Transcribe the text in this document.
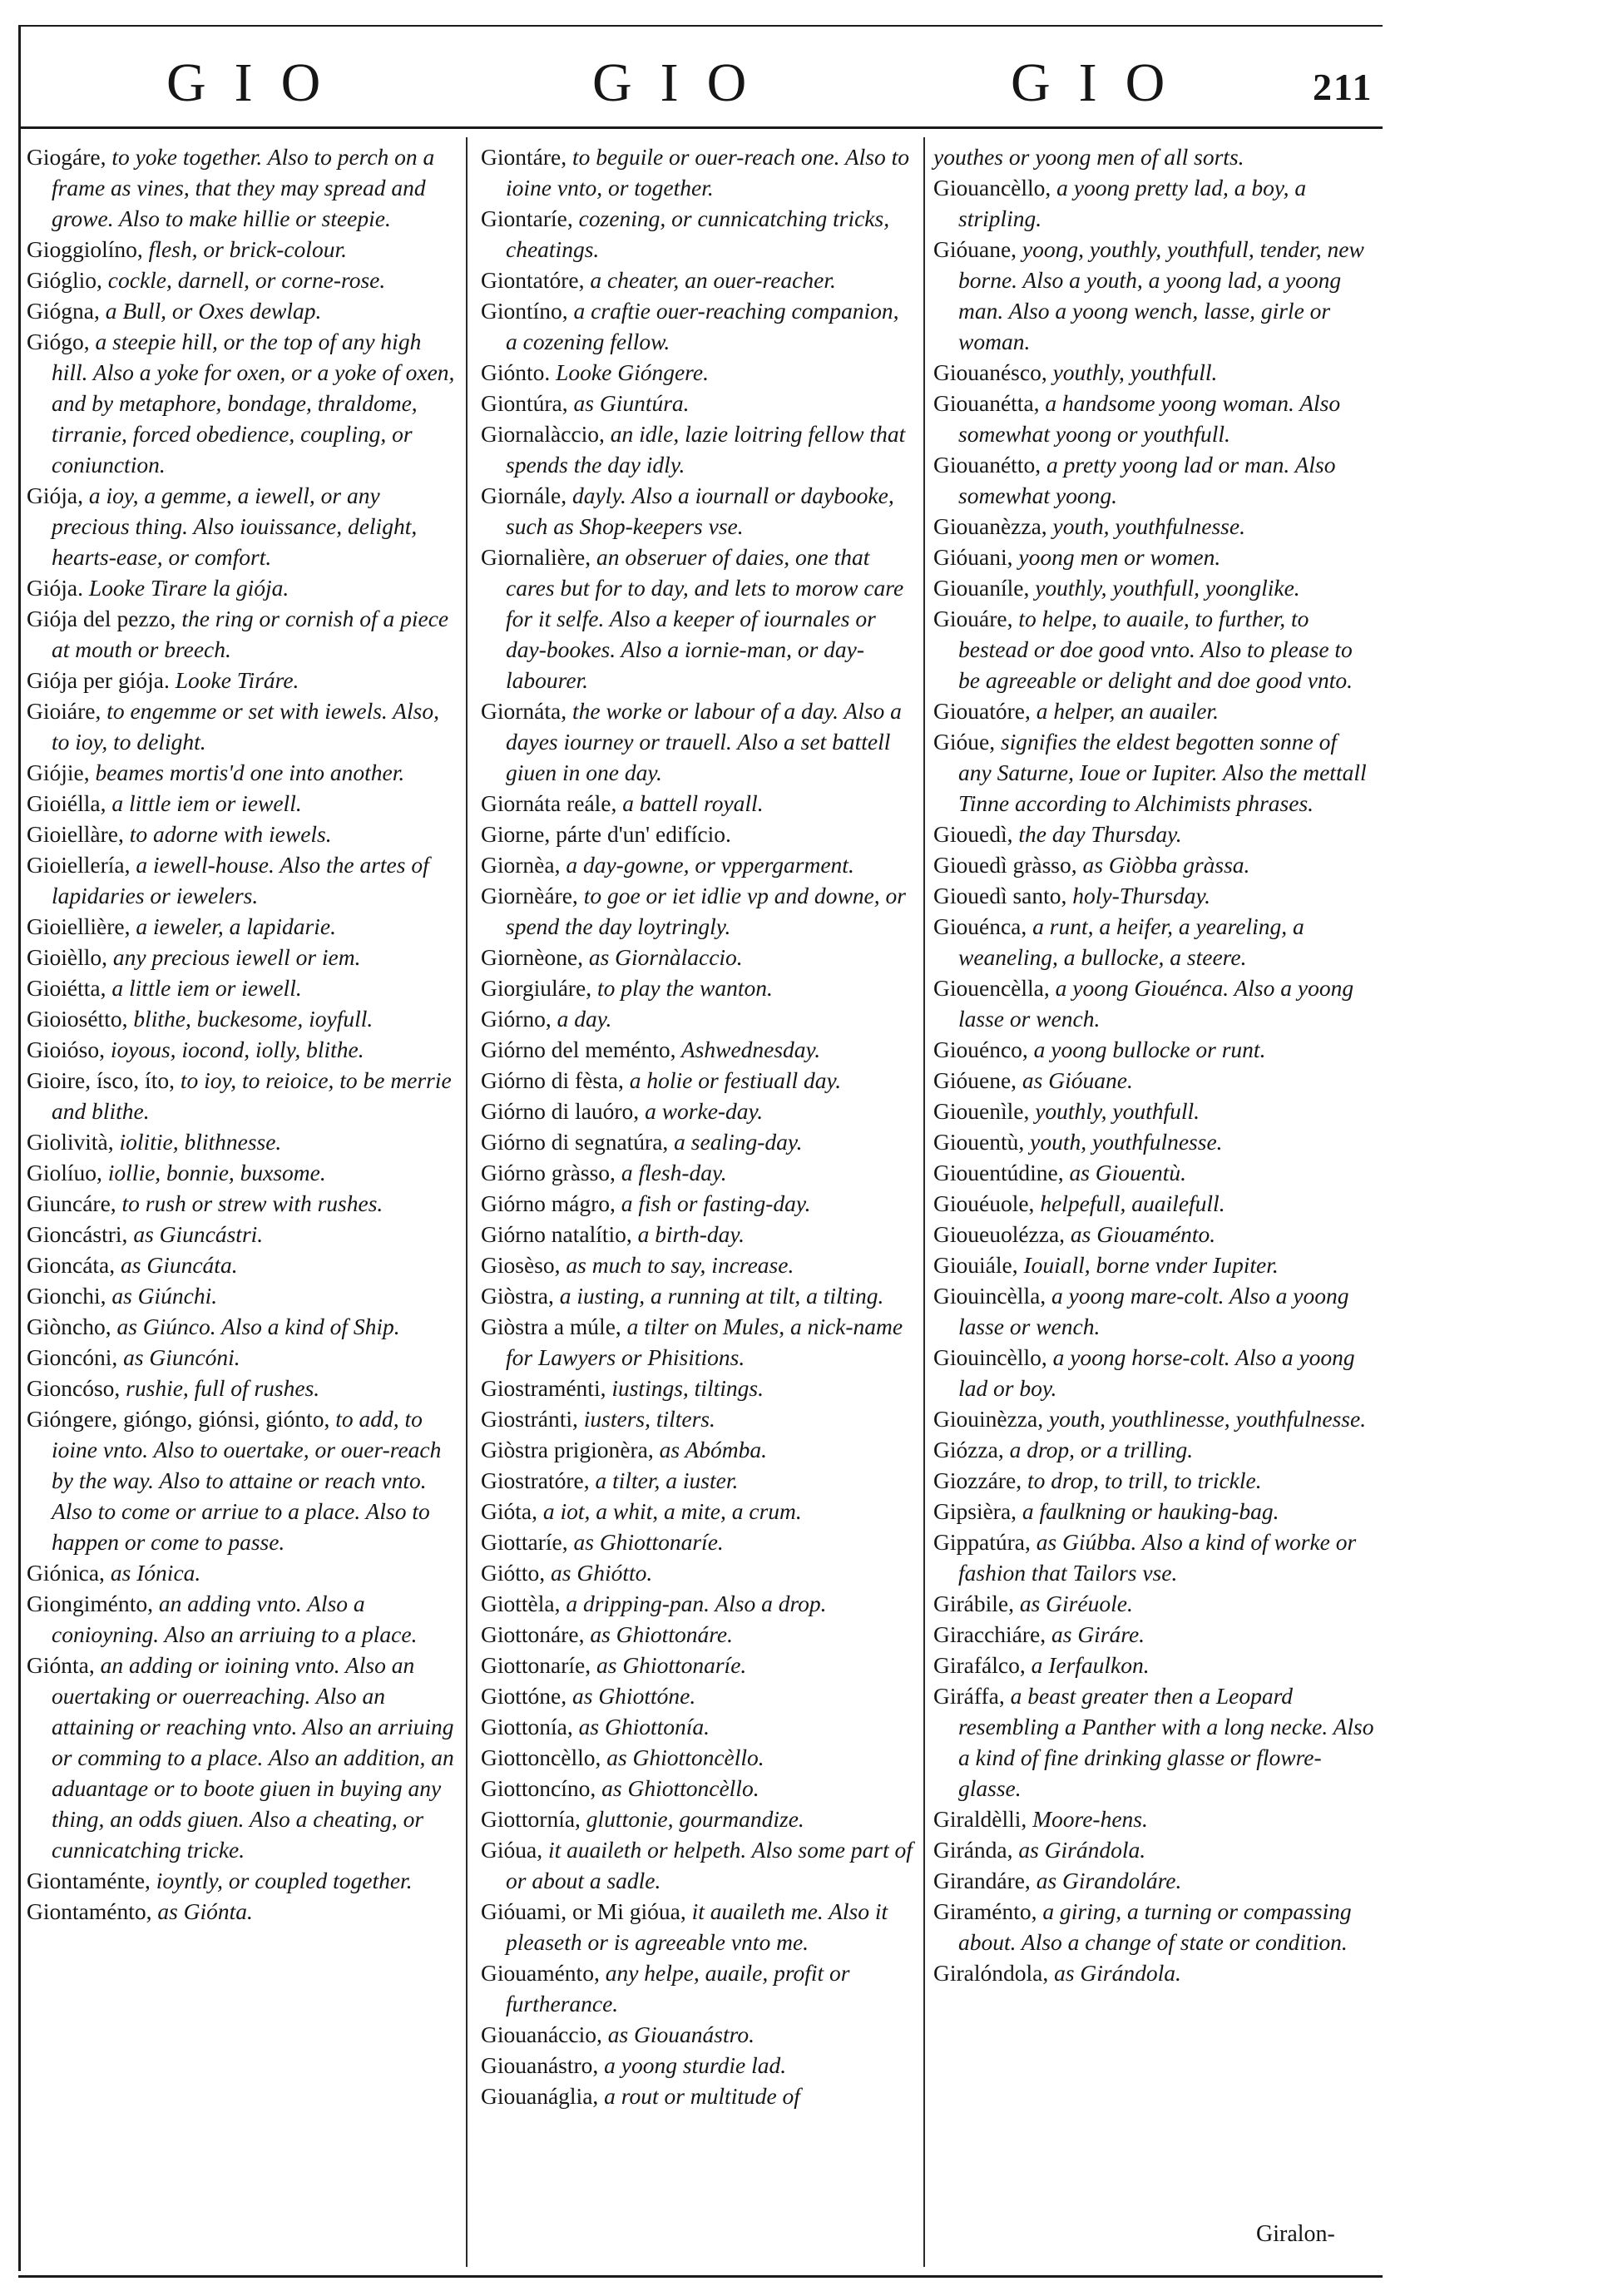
GIO	GIO	GIO	211

Giogáre, to yoke together. Also to perch on a frame as vines, that they may spread and growe. Also to make hillie or steepie.

Gioggiolíno, flesh, or brick-colour.

Gióglio, cockle, darnell, or corne-rose.

Giógna, a Bull, or Oxes dewlap.

Giógo, a steepie hill, or the top of any high hill. Also a yoke for oxen, or a yoke of oxen, and by metaphore, bondage, thraldome, tirranie, forced obedience, coupling, or coniunction.

Giója, a ioy, a gemme, a iewell, or any precious thing. Also iouissance, delight, hearts-ease, or comfort.

Giója. Looke Tirare la giója.

Giója del pezzo, the ring or cornish of a piece at mouth or breech.

Giója per giója. Looke Tiráre.

Gioiáre, to engemme or set with iewels. Also, to ioy, to delight.

Giójie, beames mortis'd one into another.

Gioiélla, a little iem or iewell.

Gioiellàre, to adorne with iewels.

Gioiellería, a iewell-house. Also the artes of lapidaries or iewelers.

Gioiellière, a ieweler, a lapidarie.

Gioièllo, any precious iewell or iem.

Gioiétta, a little iem or iewell.

Gioiosétto, blithe, buckesome, ioyfull.

Gioióso, ioyous, iocond, iolly, blithe.

Gioire, ísco, íto, to ioy, to reioice, to be merrie and blithe.

Giolività, iolitie, blithnesse.

Giolíuo, iollie, bonnie, buxsome.

Giuncáre, to rush or strew with rushes.

Gioncástri, as Giuncástri.

Gioncáta, as Giuncáta.

Gionchi, as Giúnchi.

Giòncho, as Giúnco. Also a kind of Ship.

Gioncóni, as Giuncóni.

Gioncóso, rushie, full of rushes.

Gióngere, gióngo, giónsi, giónto, to add, to ioine vnto. Also to ouertake, or ouer-reach by the way. Also to attaine or reach vnto. Also to come or arriue to a place. Also to happen or come to passe.

Giónica, as Iónica.

Giongiménto, an adding vnto. Also a conioyning. Also an arriuing to a place.

Giónta, an adding or ioining vnto. Also an ouertaking or ouerreaching. Also an attaining or reaching vnto. Also an arriuing or comming to a place. Also an addition, an aduantage or to boote giuen in buying any thing, an odds giuen. Also a cheating, or cunnicatching tricke.

Giontaménte, ioyntly, or coupled together.

Giontaménto, as Giónta.

Giontáre, to beguile or ouer-reach one. Also to ioine vnto, or together.

Giontaríe, cozening, or cunnicatching tricks, cheatings.

Giontatóre, a cheater, an ouer-reacher.

Giontíno, a craftie ouer-reaching companion, a cozening fellow.

Giónto. Looke Gióngere.

Giontúra, as Giuntúra.

Giornalàccio, an idle, lazie loitring fellow that spends the day idly.

Giornále, dayly. Also a iournall or daybooke, such as Shop-keepers vse.

Giornalière, an obseruer of daies, one that cares but for to day, and lets to morow care for it selfe. Also a keeper of iournales or day-bookes. Also a iornie-man, or day-labourer.

Giornáta, the worke or labour of a day. Also a dayes iourney or trauell. Also a set battell giuen in one day.

Giornáta reále, a battell royall.

Giorne, párte d'un' edifício.

Giornèa, a day-gowne, or vppergarment.

Giornèáre, to goe or iet idlie vp and downe, or spend the day loytringly.

Giornèone, as Giornàlaccio.

Giorgiuláre, to play the wanton.

Giórno, a day.

Giórno del meménto, Ashwednesday.

Giórno di fèsta, a holie or festiuall day.

Giórno di lauóro, a worke-day.

Giórno di segnatúra, a sealing-day.

Giórno gràsso, a flesh-day.

Giórno mágro, a fish or fasting-day.

Giórno natalítio, a birth-day.

Giosèso, as much to say, increase.

Giòstra, a iusting, a running at tilt, a tilting.

Giòstra a múle, a tilter on Mules, a nick-name for Lawyers or Phisitions.

Giostraménti, iustings, tiltings.

Giostránti, iusters, tilters.

Giòstra prigionèra, as Abómba.

Giostratóre, a tilter, a iuster.

Gióta, a iot, a whit, a mite, a crum.

Giottaríe, as Ghiottonaríe.

Giótto, as Ghiótto.

Giottèla, a dripping-pan. Also a drop.

Giottonáre, as Ghiottonáre.

Giottonaríe, as Ghiottonaríe.

Giottóne, as Ghiottóne.

Giottonía, as Ghiottonía.

Giottoncèllo, as Ghiottoncèllo.

Giottoncíno, as Ghiottoncèllo.

Giottornía, gluttonie, gourmandize.

Gióua, it auaileth or helpeth. Also some part of or about a sadle.

Gióuami, or Mi gióua, it auaileth me. Also it pleaseth or is agreeable vnto me.

Giouaménto, any helpe, auaile, profit or furtherance.

Giouanáccio, as Giouanástro.

Giouanástro, a yoong sturdie lad.

Giouanáglia, a rout or multitude of

youthes or yoong men of all sorts.

Giouancèllo, a yoong pretty lad, a boy, a stripling.

Gióuane, yoong, youthly, youthfull, tender, new borne. Also a youth, a yoong lad, a yoong man. Also a yoong wench, lasse, girle or woman.

Giouanésco, youthly, youthfull.

Giouanétta, a handsome yoong woman. Also somewhat yoong or youthfull.

Giouanétto, a pretty yoong lad or man. Also somewhat yoong.

Giouanèzza, youth, youthfulnesse.

Gióuani, yoong men or women.

Giouaníle, youthly, youthfull, yoonglike.

Giouáre, to helpe, to auaile, to further, to bestead or doe good vnto. Also to please to be agreeable or delight and doe good vnto.

Giouatóre, a helper, an auailer.

Gióue, signifies the eldest begotten sonne of any Saturne, Ioue or Iupiter. Also the mettall Tinne according to Alchimists phrases.

Giouedì, the day Thursday.

Giouedì gràsso, as Giòbba gràssa.

Giouedì santo, holy-Thursday.

Giouénca, a runt, a heifer, a yeareling, a weaneling, a bullocke, a steere.

Giouencèlla, a yoong Giouénca. Also a yoong lasse or wench.

Giouénco, a yoong bullocke or runt.

Gióuene, as Gióuane.

Giouenìle, youthly, youthfull.

Giouentù, youth, youthfulnesse.

Giouentúdine, as Giouentù.

Giouéuole, helpefull, auailefull.

Gioueuolézza, as Giouaménto.

Giouiále, Iouiall, borne vnder Iupiter.

Giouincèlla, a yoong mare-colt. Also a yoong lasse or wench.

Giouincèllo, a yoong horse-colt. Also a yoong lad or boy.

Giouinèzza, youth, youthlinesse, youthfulnesse.

Giózza, a drop, or a trilling.

Giozzáre, to drop, to trill, to trickle.

Gipsièra, a faulkning or hauking-bag.

Gippatúra, as Giúbba. Also a kind of worke or fashion that Tailors vse.

Girábile, as Giréuole.

Giracchiáre, as Giráre.

Girafálco, a Ierfaulkon.

Giráffa, a beast greater then a Leopard resembling a Panther with a long necke. Also a kind of fine drinking glasse or flowre-glasse.

Giraldèlli, Moore-hens.

Giránda, as Girándola.

Girandáre, as Girandoláre.

Giraménto, a giring, a turning or compassing about. Also a change of state or condition.

Giralóndola, as Girándola.

Giralon-
